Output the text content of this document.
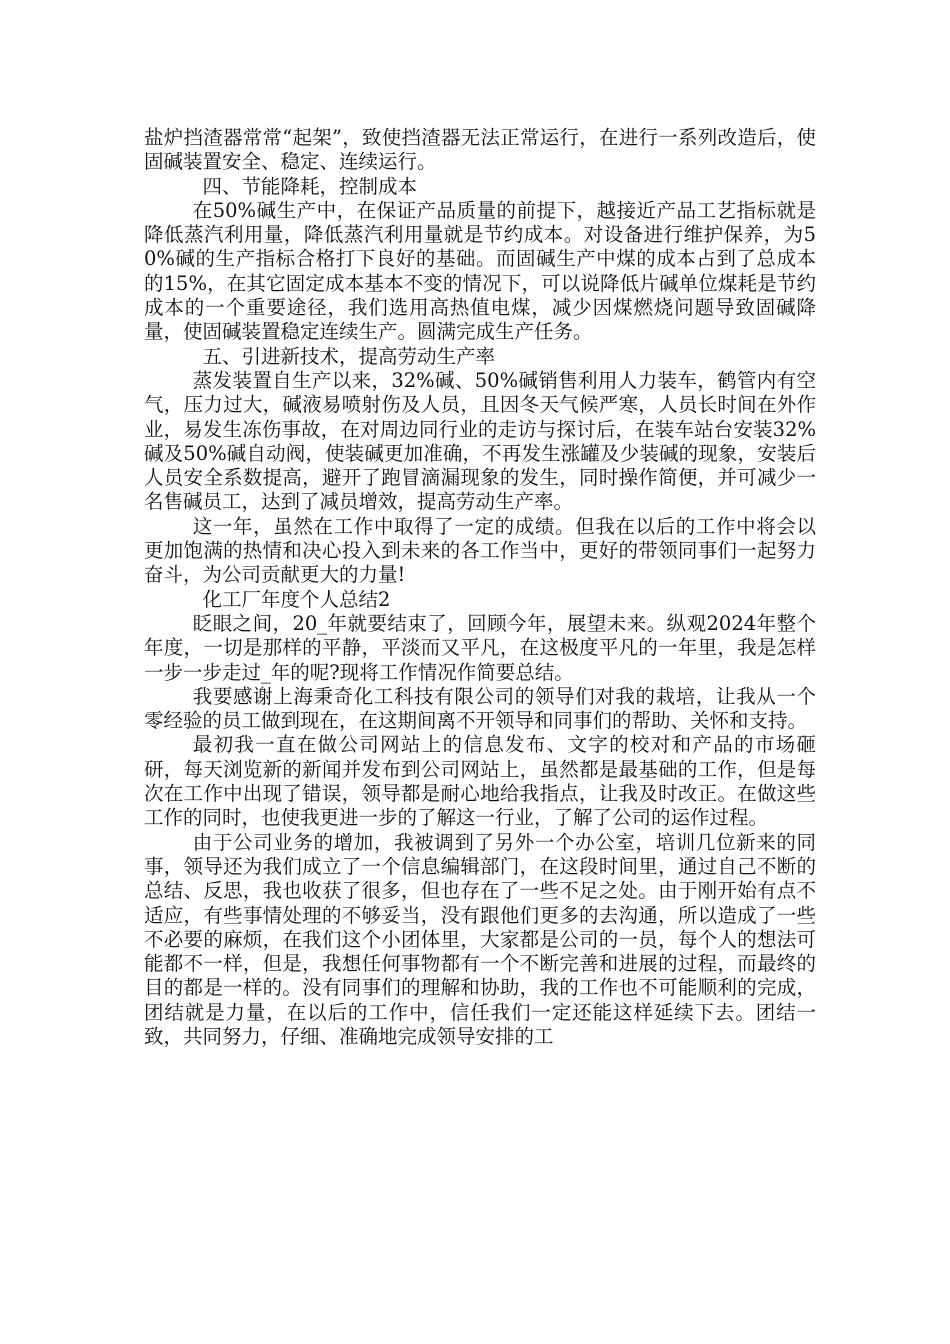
盐炉挡渣器常常“起架”，致使挡渣器无法正常运行，在进行一系列改造后，使固碱装置安全、稳定、连续运行。

四、节能降耗，控制成本

在50%碱生产中，在保证产品质量的前提下，越接近产品工艺指标就是降低蒸汽利用量，降低蒸汽利用量就是节约成本。对设备进行维护保养，为50%碱的生产指标合格打下良好的基础。而固碱生产中煤的成本占到了总成本的15%，在其它固定成本基本不变的情况下，可以说降低片碱单位煤耗是节约成本的一个重要途径，我们选用高热值电煤，减少因煤燃烧问题导致固碱降量，使固碱装置稳定连续生产。圆满完成生产任务。

五、引进新技术，提高劳动生产率

蒸发装置自生产以来，32%碱、50%碱销售利用人力装车，鹤管内有空气，压力过大，碱液易喷射伤及人员，且因冬天气候严寒，人员长时间在外作业，易发生冻伤事故，在对周边同行业的走访与探讨后，在装车站台安装32%碱及50%碱自动阀，使装碱更加准确，不再发生涨罐及少装碱的现象，安装后人员安全系数提高，避开了跑冒滴漏现象的发生，同时操作简便，并可减少一名售碱员工，达到了减员增效，提高劳动生产率。

这一年，虽然在工作中取得了一定的成绩。但我在以后的工作中将会以更加饱满的热情和决心投入到未来的各工作当中，更好的带领同事们一起努力奋斗，为公司贡献更大的力量!

化工厂年度个人总结2

眨眼之间，20_年就要结束了，回顾今年，展望未来。纵观2024年整个年度，一切是那样的平静，平淡而又平凡，在这极度平凡的一年里，我是怎样一步一步走过_年的呢?现将工作情况作简要总结。

我要感谢上海秉奇化工科技有限公司的领导们对我的栽培，让我从一个零经验的员工做到现在，在这期间离不开领导和同事们的帮助、关怀和支持。

最初我一直在做公司网站上的信息发布、文字的校对和产品的市场砸研，每天浏览新的新闻并发布到公司网站上，虽然都是最基础的工作，但是每次在工作中出现了错误，领导都是耐心地给我指点，让我及时改正。在做这些工作的同时，也使我更进一步的了解这一行业，了解了公司的运作过程。

由于公司业务的增加，我被调到了另外一个办公室，培训几位新来的同事，领导还为我们成立了一个信息编辑部门，在这段时间里，通过自己不断的总结、反思，我也收获了很多，但也存在了一些不足之处。由于刚开始有点不适应，有些事情处理的不够妥当，没有跟他们更多的去沟通，所以造成了一些不必要的麻烦，在我们这个小团体里，大家都是公司的一员，每个人的想法可能都不一样，但是，我想任何事物都有一个不断完善和进展的过程，而最终的目的都是一样的。没有同事们的理解和协助，我的工作也不可能顺利的完成，团结就是力量，在以后的工作中，信任我们一定还能这样延续下去。团结一致，共同努力，仔细、准确地完成领导安排的工
